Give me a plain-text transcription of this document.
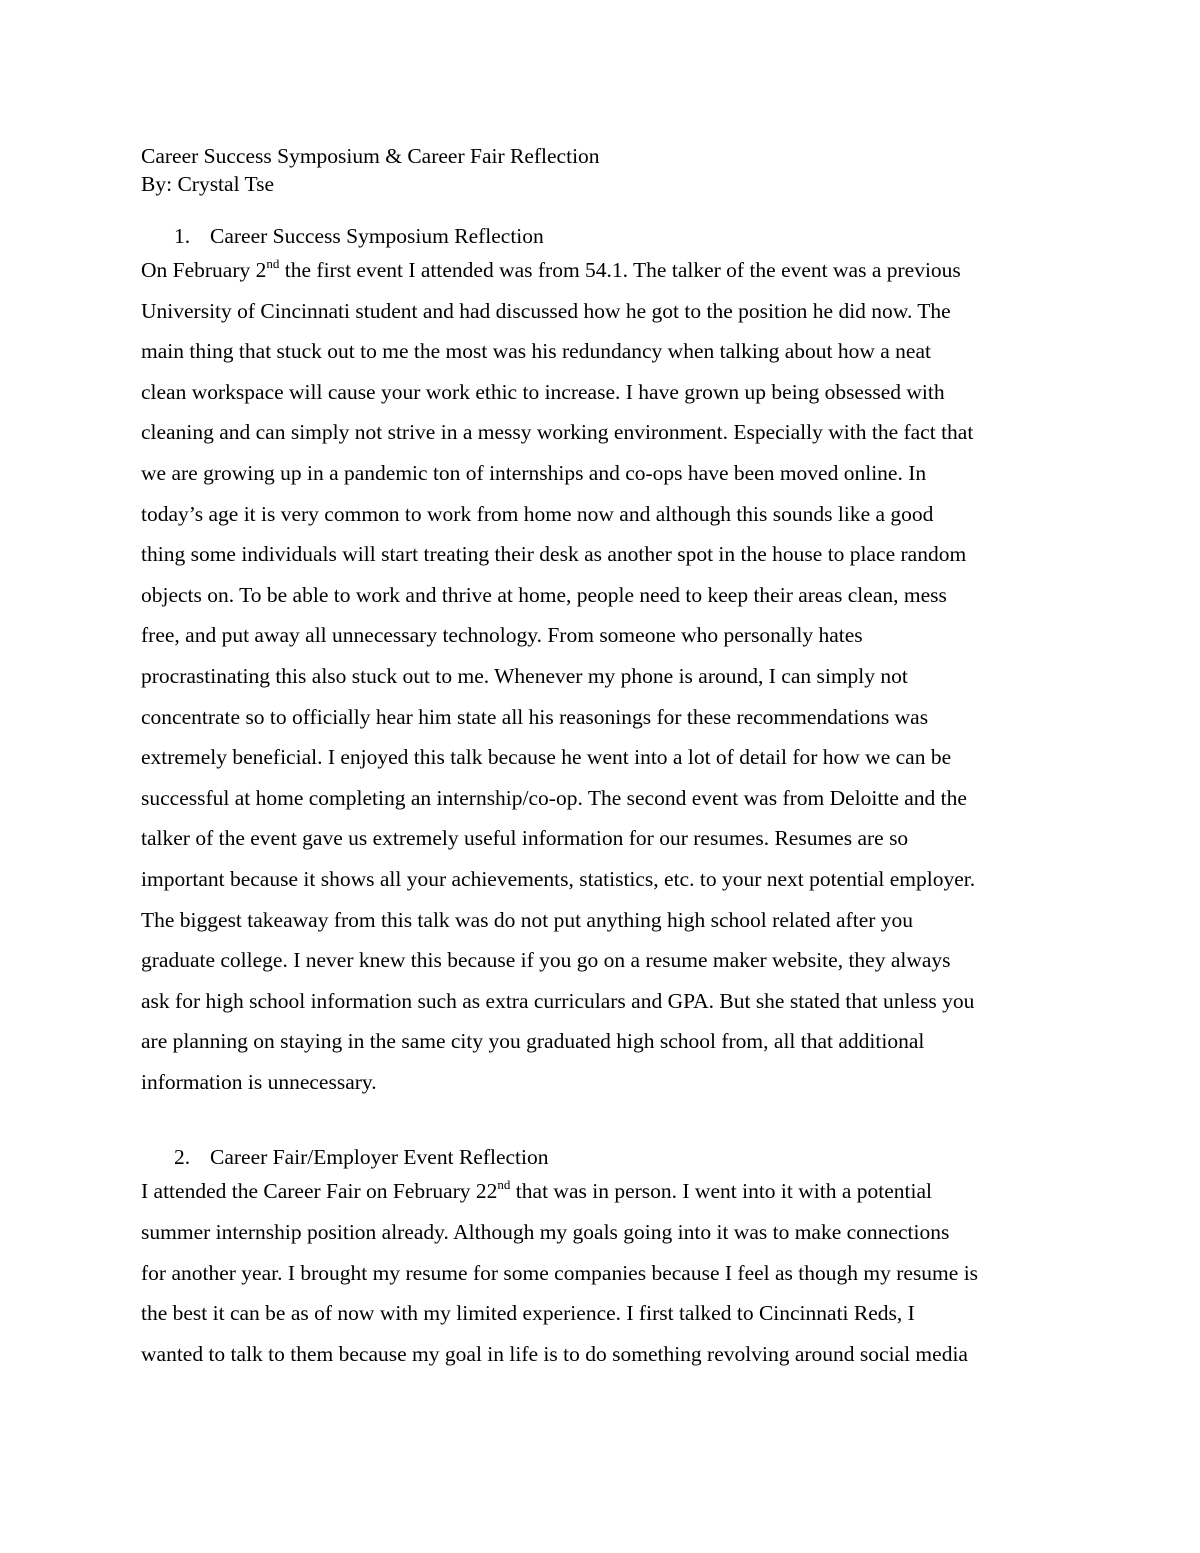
Career Success Symposium & Career Fair Reflection

By: Crystal Tse

1. Career Success Symposium Reflection

On February 2nd the first event I attended was from 54.1. The talker of the event was a previous
University of Cincinnati student and had discussed how he got to the position he did now. The
main thing that stuck out to me the most was his redundancy when talking about how a neat
clean workspace will cause your work ethic to increase. I have grown up being obsessed with
cleaning and can simply not strive in a messy working environment. Especially with the fact that
we are growing up in a pandemic ton of internships and co-ops have been moved online. In
today’s age it is very common to work from home now and although this sounds like a good
thing some individuals will start treating their desk as another spot in the house to place random
objects on. To be able to work and thrive at home, people need to keep their areas clean, mess
free, and put away all unnecessary technology. From someone who personally hates
procrastinating this also stuck out to me. Whenever my phone is around, I can simply not
concentrate so to officially hear him state all his reasonings for these recommendations was
extremely beneficial. I enjoyed this talk because he went into a lot of detail for how we can be
successful at home completing an internship/co-op. The second event was from Deloitte and the
talker of the event gave us extremely useful information for our resumes. Resumes are so
important because it shows all your achievements, statistics, etc. to your next potential employer.
The biggest takeaway from this talk was do not put anything high school related after you
graduate college. I never knew this because if you go on a resume maker website, they always
ask for high school information such as extra curriculars and GPA. But she stated that unless you
are planning on staying in the same city you graduated high school from, all that additional
information is unnecessary.

2. Career Fair/Employer Event Reflection

I attended the Career Fair on February 22nd that was in person. I went into it with a potential
summer internship position already. Although my goals going into it was to make connections
for another year. I brought my resume for some companies because I feel as though my resume is
the best it can be as of now with my limited experience. I first talked to Cincinnati Reds, I
wanted to talk to them because my goal in life is to do something revolving around social media
